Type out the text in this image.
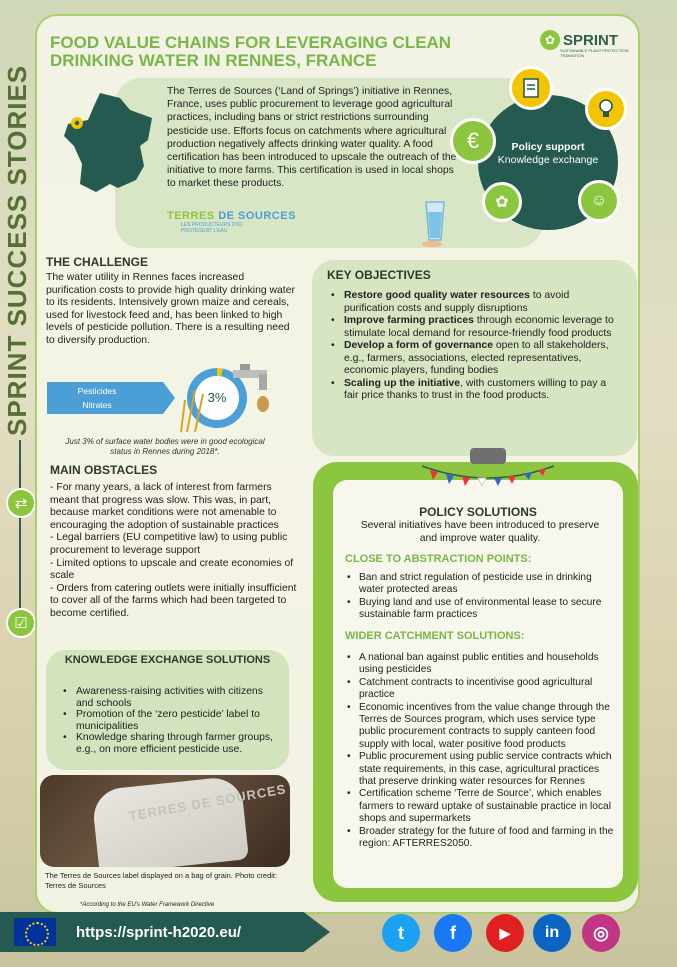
SPRINT SUCCESS STORIES
⇄
☑
FOOD VALUE CHAINS FOR LEVERAGING CLEAN DRINKING WATER IN RENNES, FRANCE
✿ SPRINT
SUSTAINABLE PLANT PROTECTION TRANSITION
The Terres de Sources (‘Land of Springs’) initiative in Rennes, France, uses public procurement to leverage good agricultural practices, including bans or strict restrictions surrounding pesticide use. Efforts focus on catchments where agricultural production negatively affects drinking water quality. A food certification has been introduced to upscale the outreach of the initiative to more farms. This certification is used in local shops to market these products.
TERRES DE SOURCES
LES PRODUCTEURS D'ICI
PROTÈGENT L'EAU
Policy support
Knowledge exchange
€
✿	☺
THE CHALLENGE
The water utility in Rennes faces increased purification costs to provide high quality drinking water to its residents. Intensively grown maize and cereals, used for livestock feed and, has been linked to high levels of pesticide pollution. There is a resulting need to diversify production.
Pesticides
Nitrates	3%
Just 3% of surface water bodies were in good ecological status in Rennes during 2018*.
KEY OBJECTIVES
• Restore good quality water resources to avoid purification costs and supply disruptions
• Improve farming practices through economic leverage to stimulate local demand for resource-friendly food products
• Develop a form of governance open to all stakeholders, e.g., farmers, associations, elected representatives, economic players, funding bodies
• Scaling up the initiative, with customers willing to pay a fair price thanks to trust in the food products.
MAIN OBSTACLES
- For many years, a lack of interest from farmers meant that progress was slow. This was, in part, because market conditions were not amenable to encouraging the adoption of sustainable practices
- Legal barriers (EU competitive law) to using public procurement to leverage support
- Limited options to upscale and create economies of scale
- Orders from catering outlets were initially insufficient to cover all of the farms which had been targeted to become certified.
KNOWLEDGE EXCHANGE SOLUTIONS
• Awareness-raising activities with citizens and schools
• Promotion of the ‘zero pesticide’ label to municipalities
• Knowledge sharing through farmer groups, e.g., on more efficient pesticide use.
TERRES DE SOURCES
The Terres de Sources label displayed on a bag of grain. Photo credit: Terres de Sources
*According to the EU’s Water Framework Directive
POLICY SOLUTIONS
Several initiatives have been introduced to preserve and improve water quality.
CLOSE TO ABSTRACTION POINTS:
• Ban and strict regulation of pesticide use in drinking water protected areas
• Buying land and use of environmental lease to secure sustainable farm practices
WIDER CATCHMENT SOLUTIONS:
• A national ban against public entities and households using pesticides
• Catchment contracts to incentivise good agricultural practice
• Economic incentives from the value change through the Terres de Sources program, which uses service type public procurement contracts to supply canteen food supply with local, water positive food products
• Public procurement using public service contracts which state requirements, in this case, agricultural practices that preserve drinking water resources for Rennes
• Certification scheme ‘Terre de Source’, which enables farmers to reward uptake of sustainable practice in local shops and supermarkets
• Broader strategy for the future of food and farming in the region: AFTERRES2050.
https://sprint-h2020.eu/	t	f	▶	in	◎
